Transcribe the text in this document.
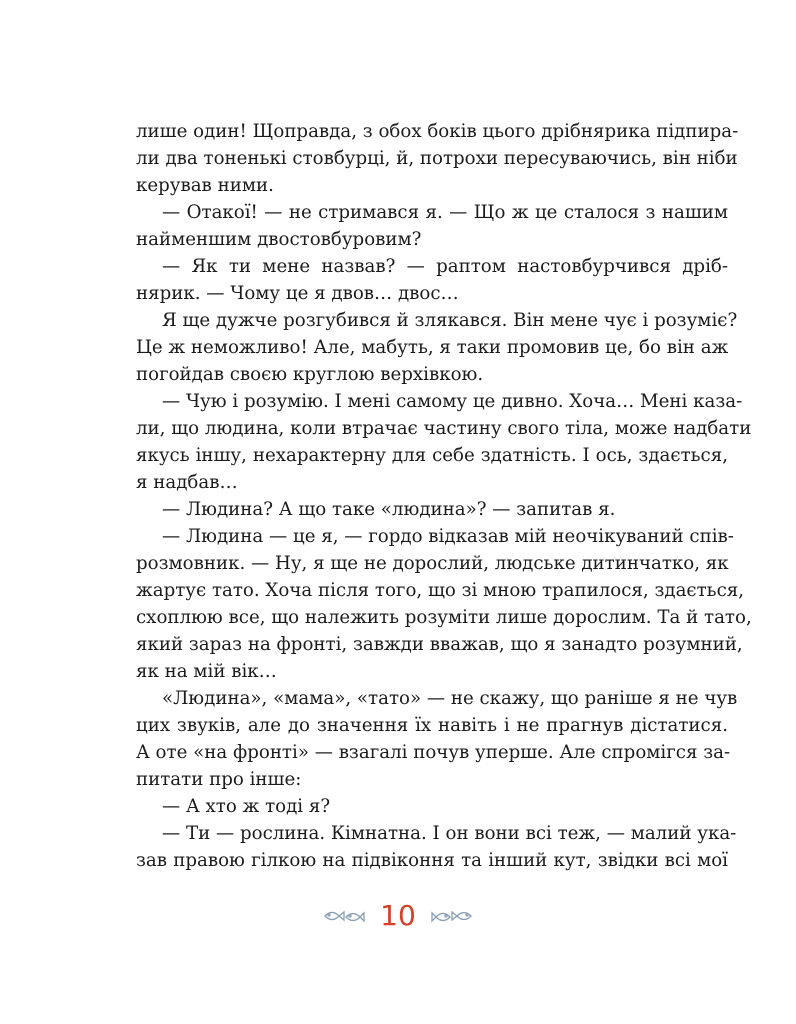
лише один! Щоправда, з обох боків цього дрібнярика підпира-
ли два тоненькі стовбурці, й, потрохи пересуваючись, він ніби
керував ними.
— Отакої! — не стримався я. — Що ж це сталося з нашим
найменшим двостовбуровим?
— Як ти мене назвав? — раптом настовбурчився дріб-
нярик. — Чому це я двов… двос…
Я ще дужче розгубився й злякався. Він мене чує і розуміє?
Це ж неможливо! Але, мабуть, я таки промовив це, бо він аж
погойдав своєю круглою верхівкою.
— Чую і розумію. І мені самому це дивно. Хоча… Мені каза-
ли, що людина, коли втрачає частину свого тіла, може надбати
якусь іншу, нехарактерну для себе здатність. І ось, здається,
я надбав…
— Людина? А що таке «людина»? — запитав я.
— Людина — це я, — гордо відказав мій неочікуваний спів-
розмовник. — Ну, я ще не дорослий, людське дитинчатко, як
жартує тато. Хоча після того, що зі мною трапилося, здається,
схоплюю все, що належить розуміти лише дорослим. Та й тато,
який зараз на фронті, завжди вважав, що я занадто розумний,
як на мій вік…
«Людина», «мама», «тато» — не скажу, що раніше я не чув
цих звуків, але до значення їх навіть і не прагнув дістатися.
А оте «на фронті» — взагалі почув уперше. Але спромігся за-
питати про інше:
— А хто ж тоді я?
— Ти — рослина. Кімнатна. І он вони всі теж, — малий ука-
зав правою гілкою на підвіконня та інший кут, звідки всі мої
10
